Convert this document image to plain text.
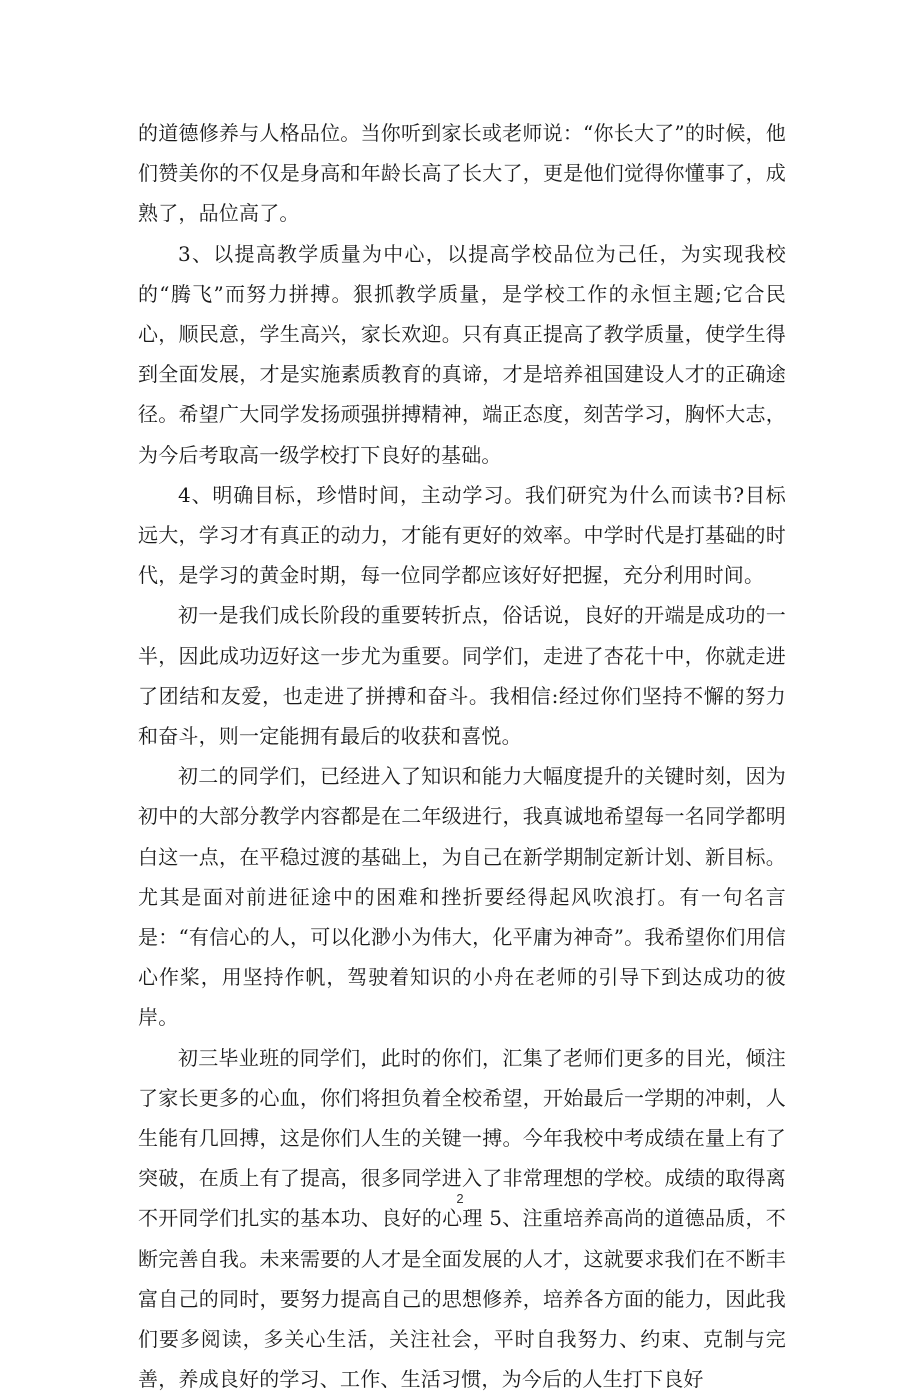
的道德修养与人格品位。当你听到家长或老师说：“你长大了”的时候，他们赞美你的不仅是身高和年龄长高了长大了，更是他们觉得你懂事了，成熟了，品位高了。

3、以提高教学质量为中心，以提高学校品位为己任，为实现我校的“腾飞”而努力拼搏。狠抓教学质量，是学校工作的永恒主题;它合民心，顺民意，学生高兴，家长欢迎。只有真正提高了教学质量，使学生得到全面发展，才是实施素质教育的真谛，才是培养祖国建设人才的正确途径。希望广大同学发扬顽强拼搏精神，端正态度，刻苦学习，胸怀大志，为今后考取高一级学校打下良好的基础。

4、明确目标，珍惜时间，主动学习。我们研究为什么而读书?目标远大，学习才有真正的动力，才能有更好的效率。中学时代是打基础的时代，是学习的黄金时期，每一位同学都应该好好把握，充分利用时间。

初一是我们成长阶段的重要转折点，俗话说，良好的开端是成功的一半，因此成功迈好这一步尤为重要。同学们，走进了杏花十中，你就走进了团结和友爱，也走进了拼搏和奋斗。我相信:经过你们坚持不懈的努力和奋斗，则一定能拥有最后的收获和喜悦。

初二的同学们，已经进入了知识和能力大幅度提升的关键时刻，因为初中的大部分教学内容都是在二年级进行，我真诚地希望每一名同学都明白这一点，在平稳过渡的基础上，为自己在新学期制定新计划、新目标。尤其是面对前进征途中的困难和挫折要经得起风吹浪打。有一句名言是：“有信心的人，可以化渺小为伟大，化平庸为神奇”。我希望你们用信心作桨，用坚持作帆，驾驶着知识的小舟在老师的引导下到达成功的彼岸。

初三毕业班的同学们，此时的你们，汇集了老师们更多的目光，倾注了家长更多的心血，你们将担负着全校希望，开始最后一学期的冲刺，人生能有几回搏，这是你们人生的关键一搏。今年我校中考成绩在量上有了突破，在质上有了提高，很多同学进入了非常理想的学校。成绩的取得离不开同学们扎实的基本功、良好的心理 5、注重培养高尚的道德品质，不断完善自我。未来需要的人才是全面发展的人才，这就要求我们在不断丰富自己的同时，要努力提高自己的思想修养，培养各方面的能力，因此我们要多阅读，多关心生活，关注社会，平时自我努力、约束、克制与完善，养成良好的学习、工作、生活习惯，为今后的人生打下良好

2
